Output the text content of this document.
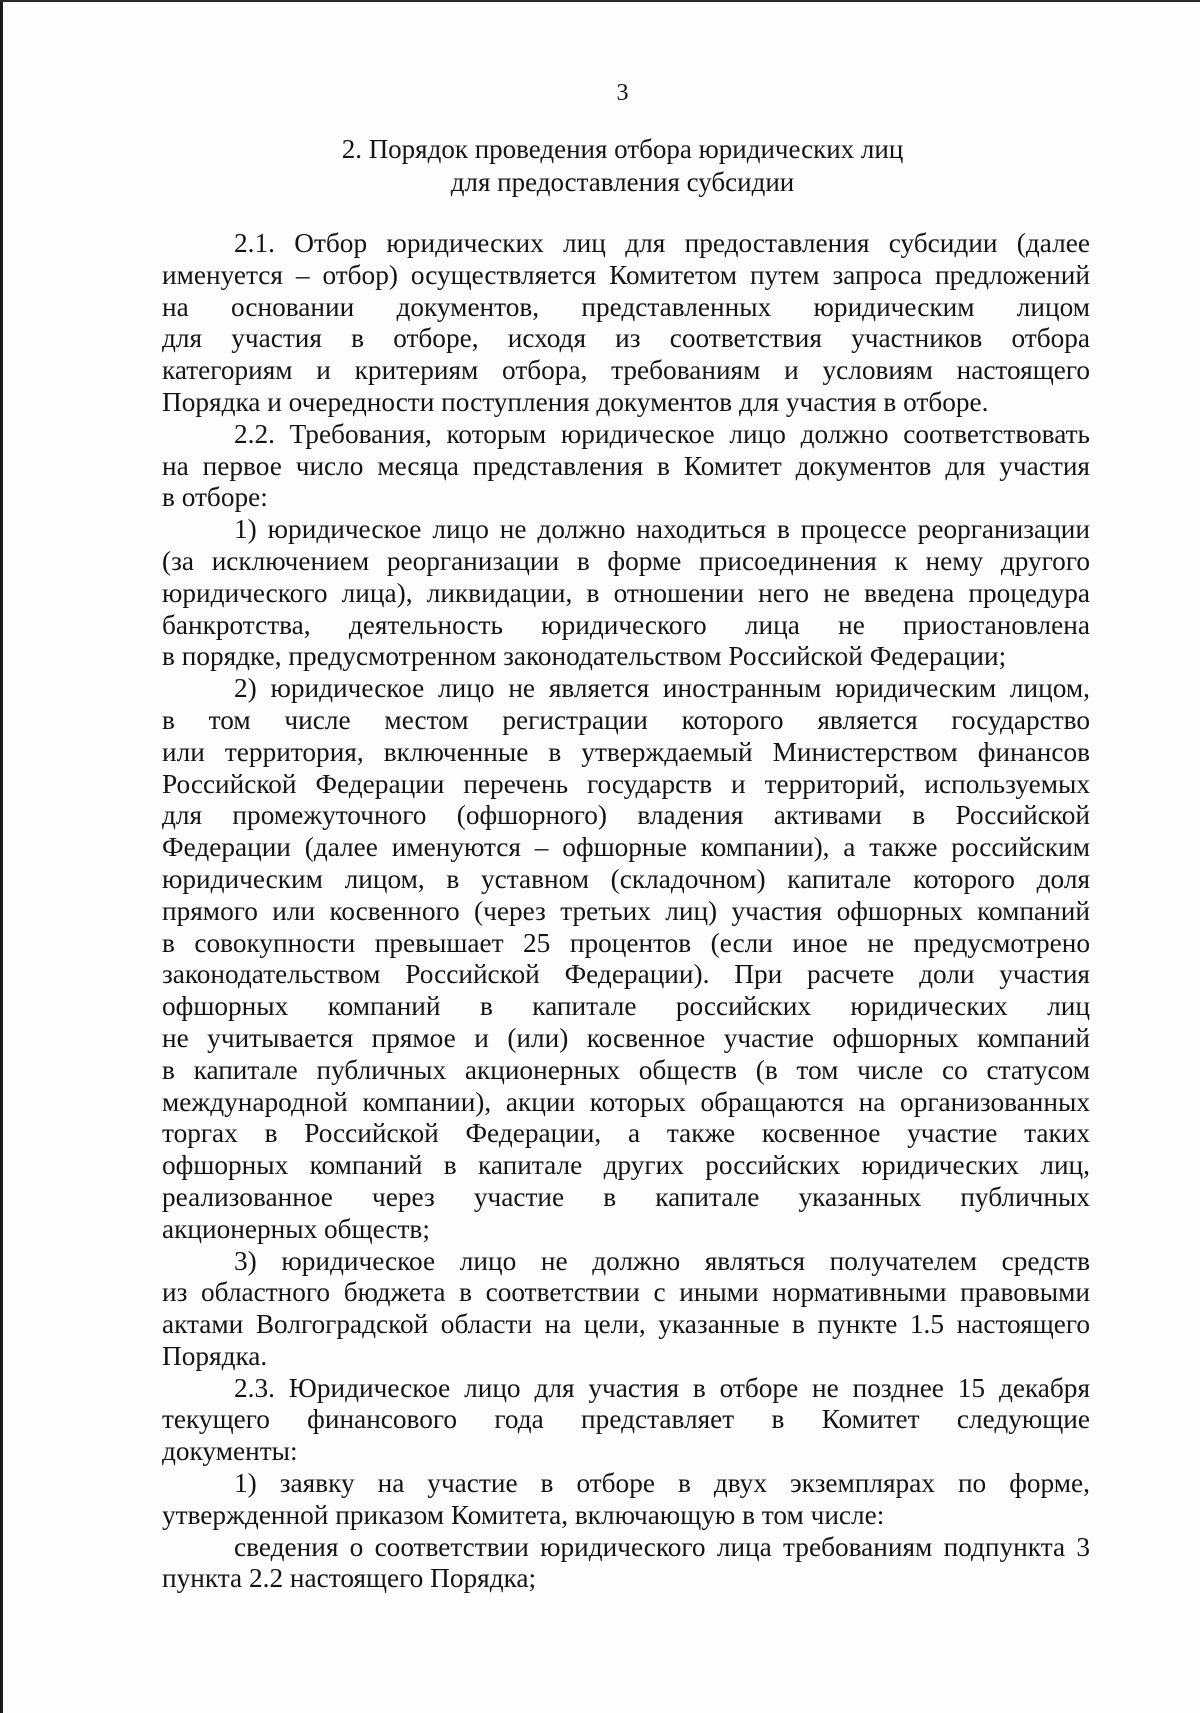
3
2. Порядок проведения отбора юридических лиц
для предоставления субсидии
2.1. Отбор юридических лиц для предоставления субсидии (далее
именуется – отбор) осуществляется Комитетом путем запроса предложений
на основании документов, представленных юридическим лицом
для участия в отборе, исходя из соответствия участников отбора
категориям и критериям отбора, требованиям и условиям настоящего
Порядка и очередности поступления документов для участия в отборе.
2.2. Требования, которым юридическое лицо должно соответствовать
на первое число месяца представления в Комитет документов для участия
в отборе:
1) юридическое лицо не должно находиться в процессе реорганизации
(за исключением реорганизации в форме присоединения к нему другого
юридического лица), ликвидации, в отношении него не введена процедура
банкротства, деятельность юридического лица не приостановлена
в порядке, предусмотренном законодательством Российской Федерации;
2) юридическое лицо не является иностранным юридическим лицом,
в том числе местом регистрации которого является государство
или территория, включенные в утверждаемый Министерством финансов
Российской Федерации перечень государств и территорий, используемых
для промежуточного (офшорного) владения активами в Российской
Федерации (далее именуются – офшорные компании), а также российским
юридическим лицом, в уставном (складочном) капитале которого доля
прямого или косвенного (через третьих лиц) участия офшорных компаний
в совокупности превышает 25 процентов (если иное не предусмотрено
законодательством Российской Федерации). При расчете доли участия
офшорных компаний в капитале российских юридических лиц
не учитывается прямое и (или) косвенное участие офшорных компаний
в капитале публичных акционерных обществ (в том числе со статусом
международной компании), акции которых обращаются на организованных
торгах в Российской Федерации, а также косвенное участие таких
офшорных компаний в капитале других российских юридических лиц,
реализованное через участие в капитале указанных публичных
акционерных обществ;
3) юридическое лицо не должно являться получателем средств
из областного бюджета в соответствии с иными нормативными правовыми
актами Волгоградской области на цели, указанные в пункте 1.5 настоящего
Порядка.
2.3. Юридическое лицо для участия в отборе не позднее 15 декабря
текущего финансового года представляет в Комитет следующие
документы:
1) заявку на участие в отборе в двух экземплярах по форме,
утвержденной приказом Комитета, включающую в том числе:
сведения о соответствии юридического лица требованиям подпункта 3
пункта 2.2 настоящего Порядка;
